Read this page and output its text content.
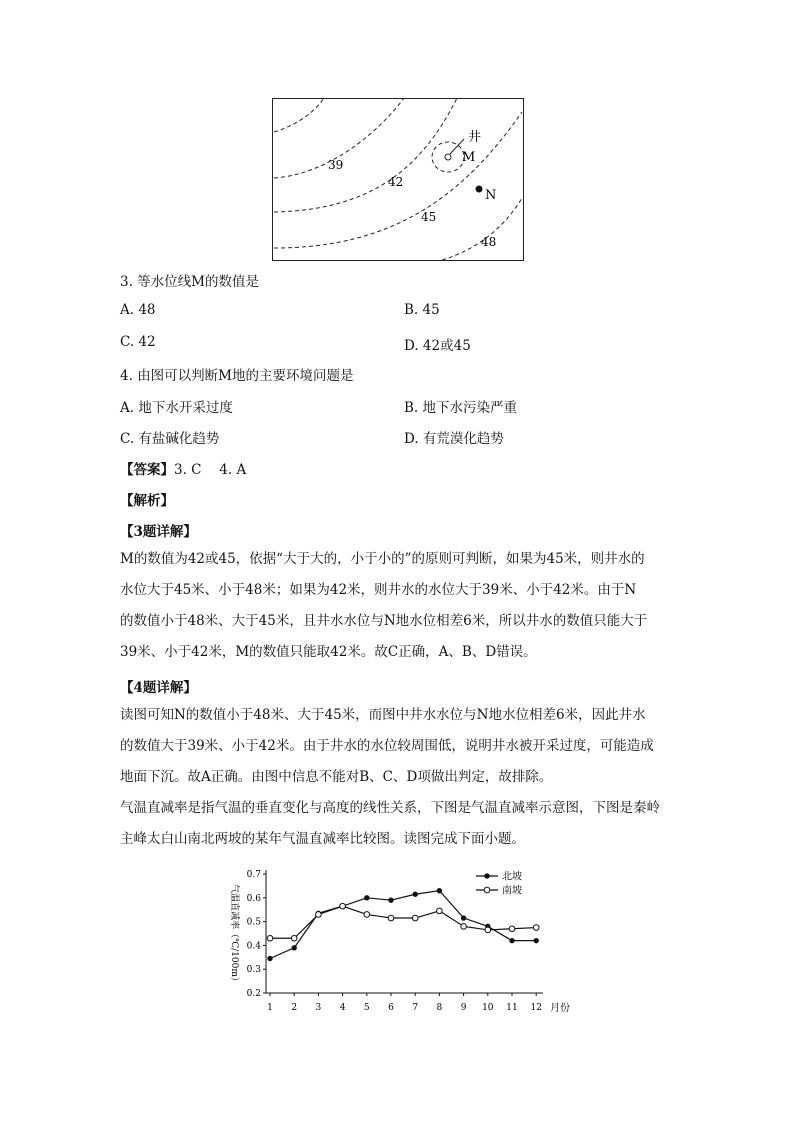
井
M
N
39
42
45
48
3. 等水位线M的数值是
A. 48	B. 45
C. 42	D. 42或45
4. 由图可以判断M地的主要环境问题是
A. 地下水开采过度	B. 地下水污染严重
C. 有盐碱化趋势	D. 有荒漠化趋势
【答案】3. C　 4. A
【解析】
【3题详解】
M的数值为42或45，依据“大于大的，小于小的”的原则可判断，如果为45米，则井水的
水位大于45米、小于48米；如果为42米，则井水的水位大于39米、小于42米。由于N
的数值小于48米、大于45米，且井水水位与N地水位相差6米，所以井水的数值只能大于
39米、小于42米，M的数值只能取42米。故C正确，A、B、D错误。
【4题详解】
读图可知N的数值小于48米、大于45米，而图中井水水位与N地水位相差6米，因此井水
的数值大于39米、小于42米。由于井水的水位较周围低，说明井水被开采过度，可能造成
地面下沉。故A正确。由图中信息不能对B、C、D项做出判定，故排除。
气温直减率是指气温的垂直变化与高度的线性关系，下图是气温直减率示意图，下图是秦岭
主峰太白山南北两坡的某年气温直减率比较图。读图完成下面小题。
气温直减率（℃/100m）
0.2
0.3
0.4
0.5
0.6
0.7
1 2 3 4 5 6 7 8 9 10 11 12 月份
北坡
南坡
